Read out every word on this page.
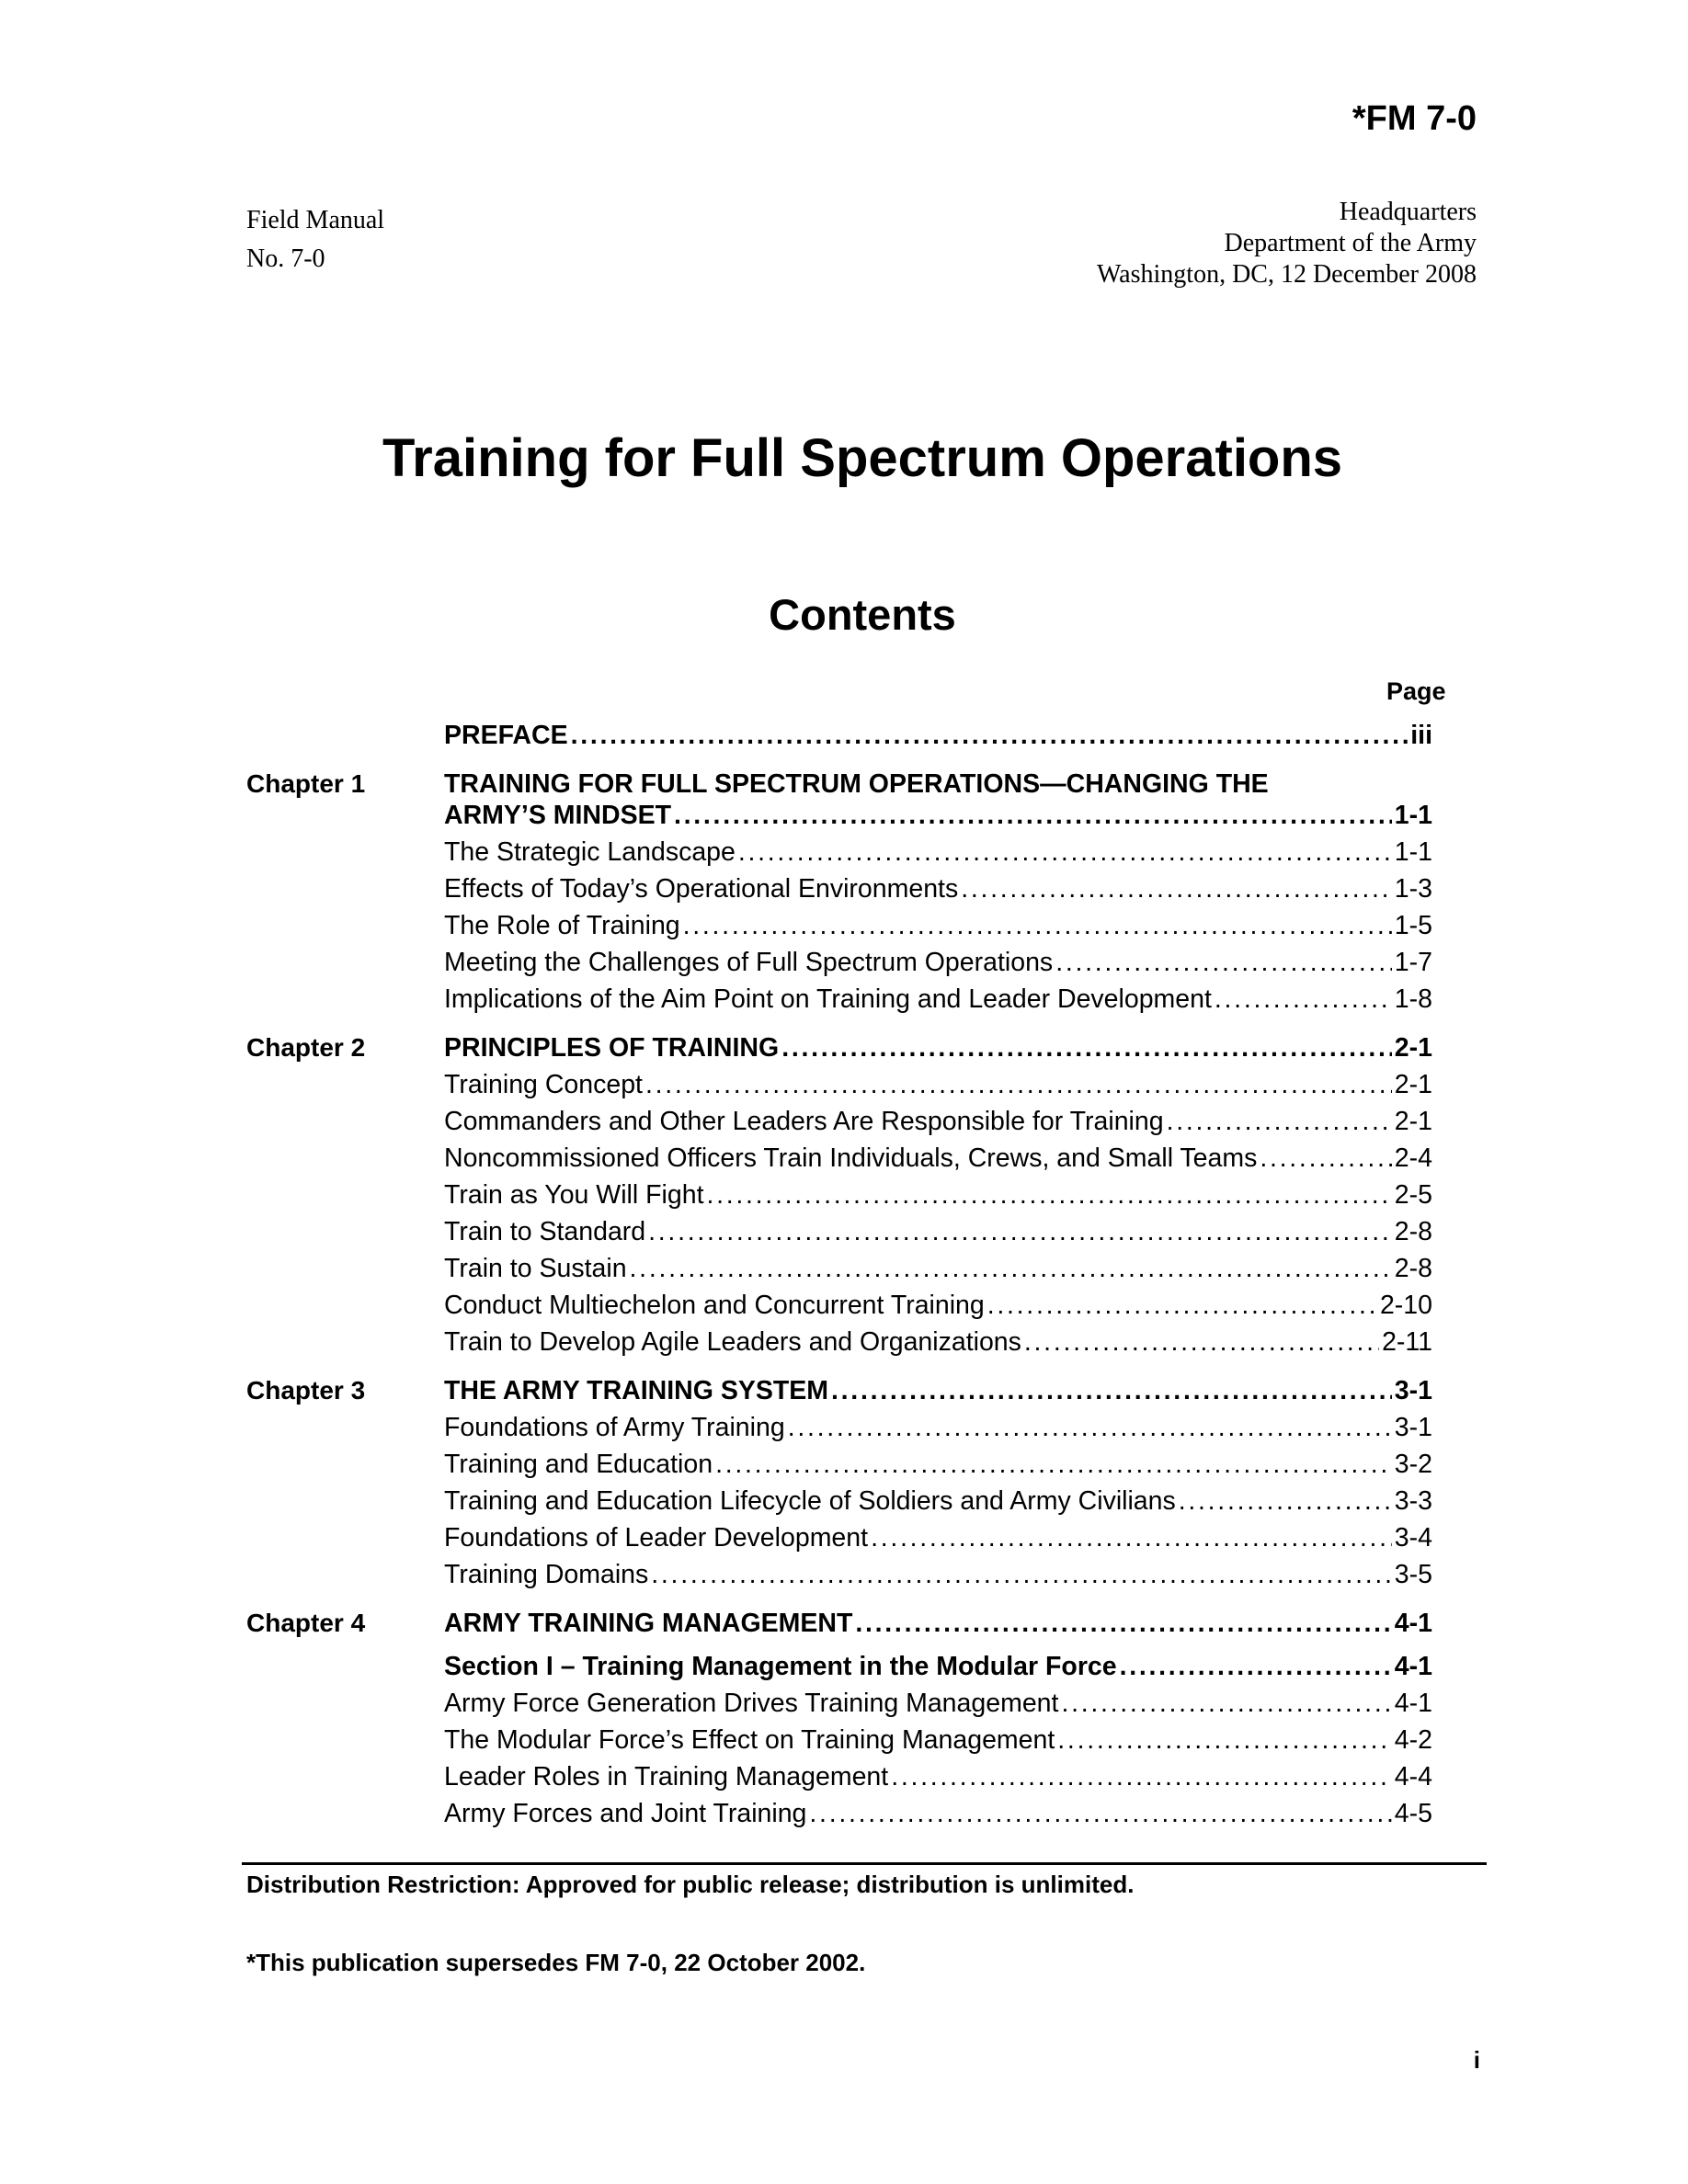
*FM 7-0
Field Manual
No. 7-0
Headquarters
Department of the Army
Washington, DC, 12 December 2008
Training for Full Spectrum Operations
Contents
Page
PREFACE . . .	iii
Chapter 1	TRAINING FOR FULL SPECTRUM OPERATIONS—CHANGING THE
ARMY’S MINDSET . . .	1-1
The Strategic Landscape . . .	1-1
Effects of Today’s Operational Environments . . .	1-3
The Role of Training . . .	1-5
Meeting the Challenges of Full Spectrum Operations . . .	1-7
Implications of the Aim Point on Training and Leader Development . . .	1-8
Chapter 2	PRINCIPLES OF TRAINING . . .	2-1
Training Concept . . .	2-1
Commanders and Other Leaders Are Responsible for Training . . .	2-1
Noncommissioned Officers Train Individuals, Crews, and Small Teams . . .	2-4
Train as You Will Fight . . .	2-5
Train to Standard . . .	2-8
Train to Sustain . . .	2-8
Conduct Multiechelon and Concurrent Training . . .	2-10
Train to Develop Agile Leaders and Organizations . . .	2-11
Chapter 3	THE ARMY TRAINING SYSTEM . . .	3-1
Foundations of Army Training . . .	3-1
Training and Education . . .	3-2
Training and Education Lifecycle of Soldiers and Army Civilians . . .	3-3
Foundations of Leader Development . . .	3-4
Training Domains . . .	3-5
Chapter 4	ARMY TRAINING MANAGEMENT . . .	4-1
Section I – Training Management in the Modular Force . . .	4-1
Army Force Generation Drives Training Management . . .	4-1
The Modular Force’s Effect on Training Management . . .	4-2
Leader Roles in Training Management . . .	4-4
Army Forces and Joint Training . . .	4-5
Distribution Restriction: Approved for public release; distribution is unlimited.
*This publication supersedes FM 7-0, 22 October 2002.
i
